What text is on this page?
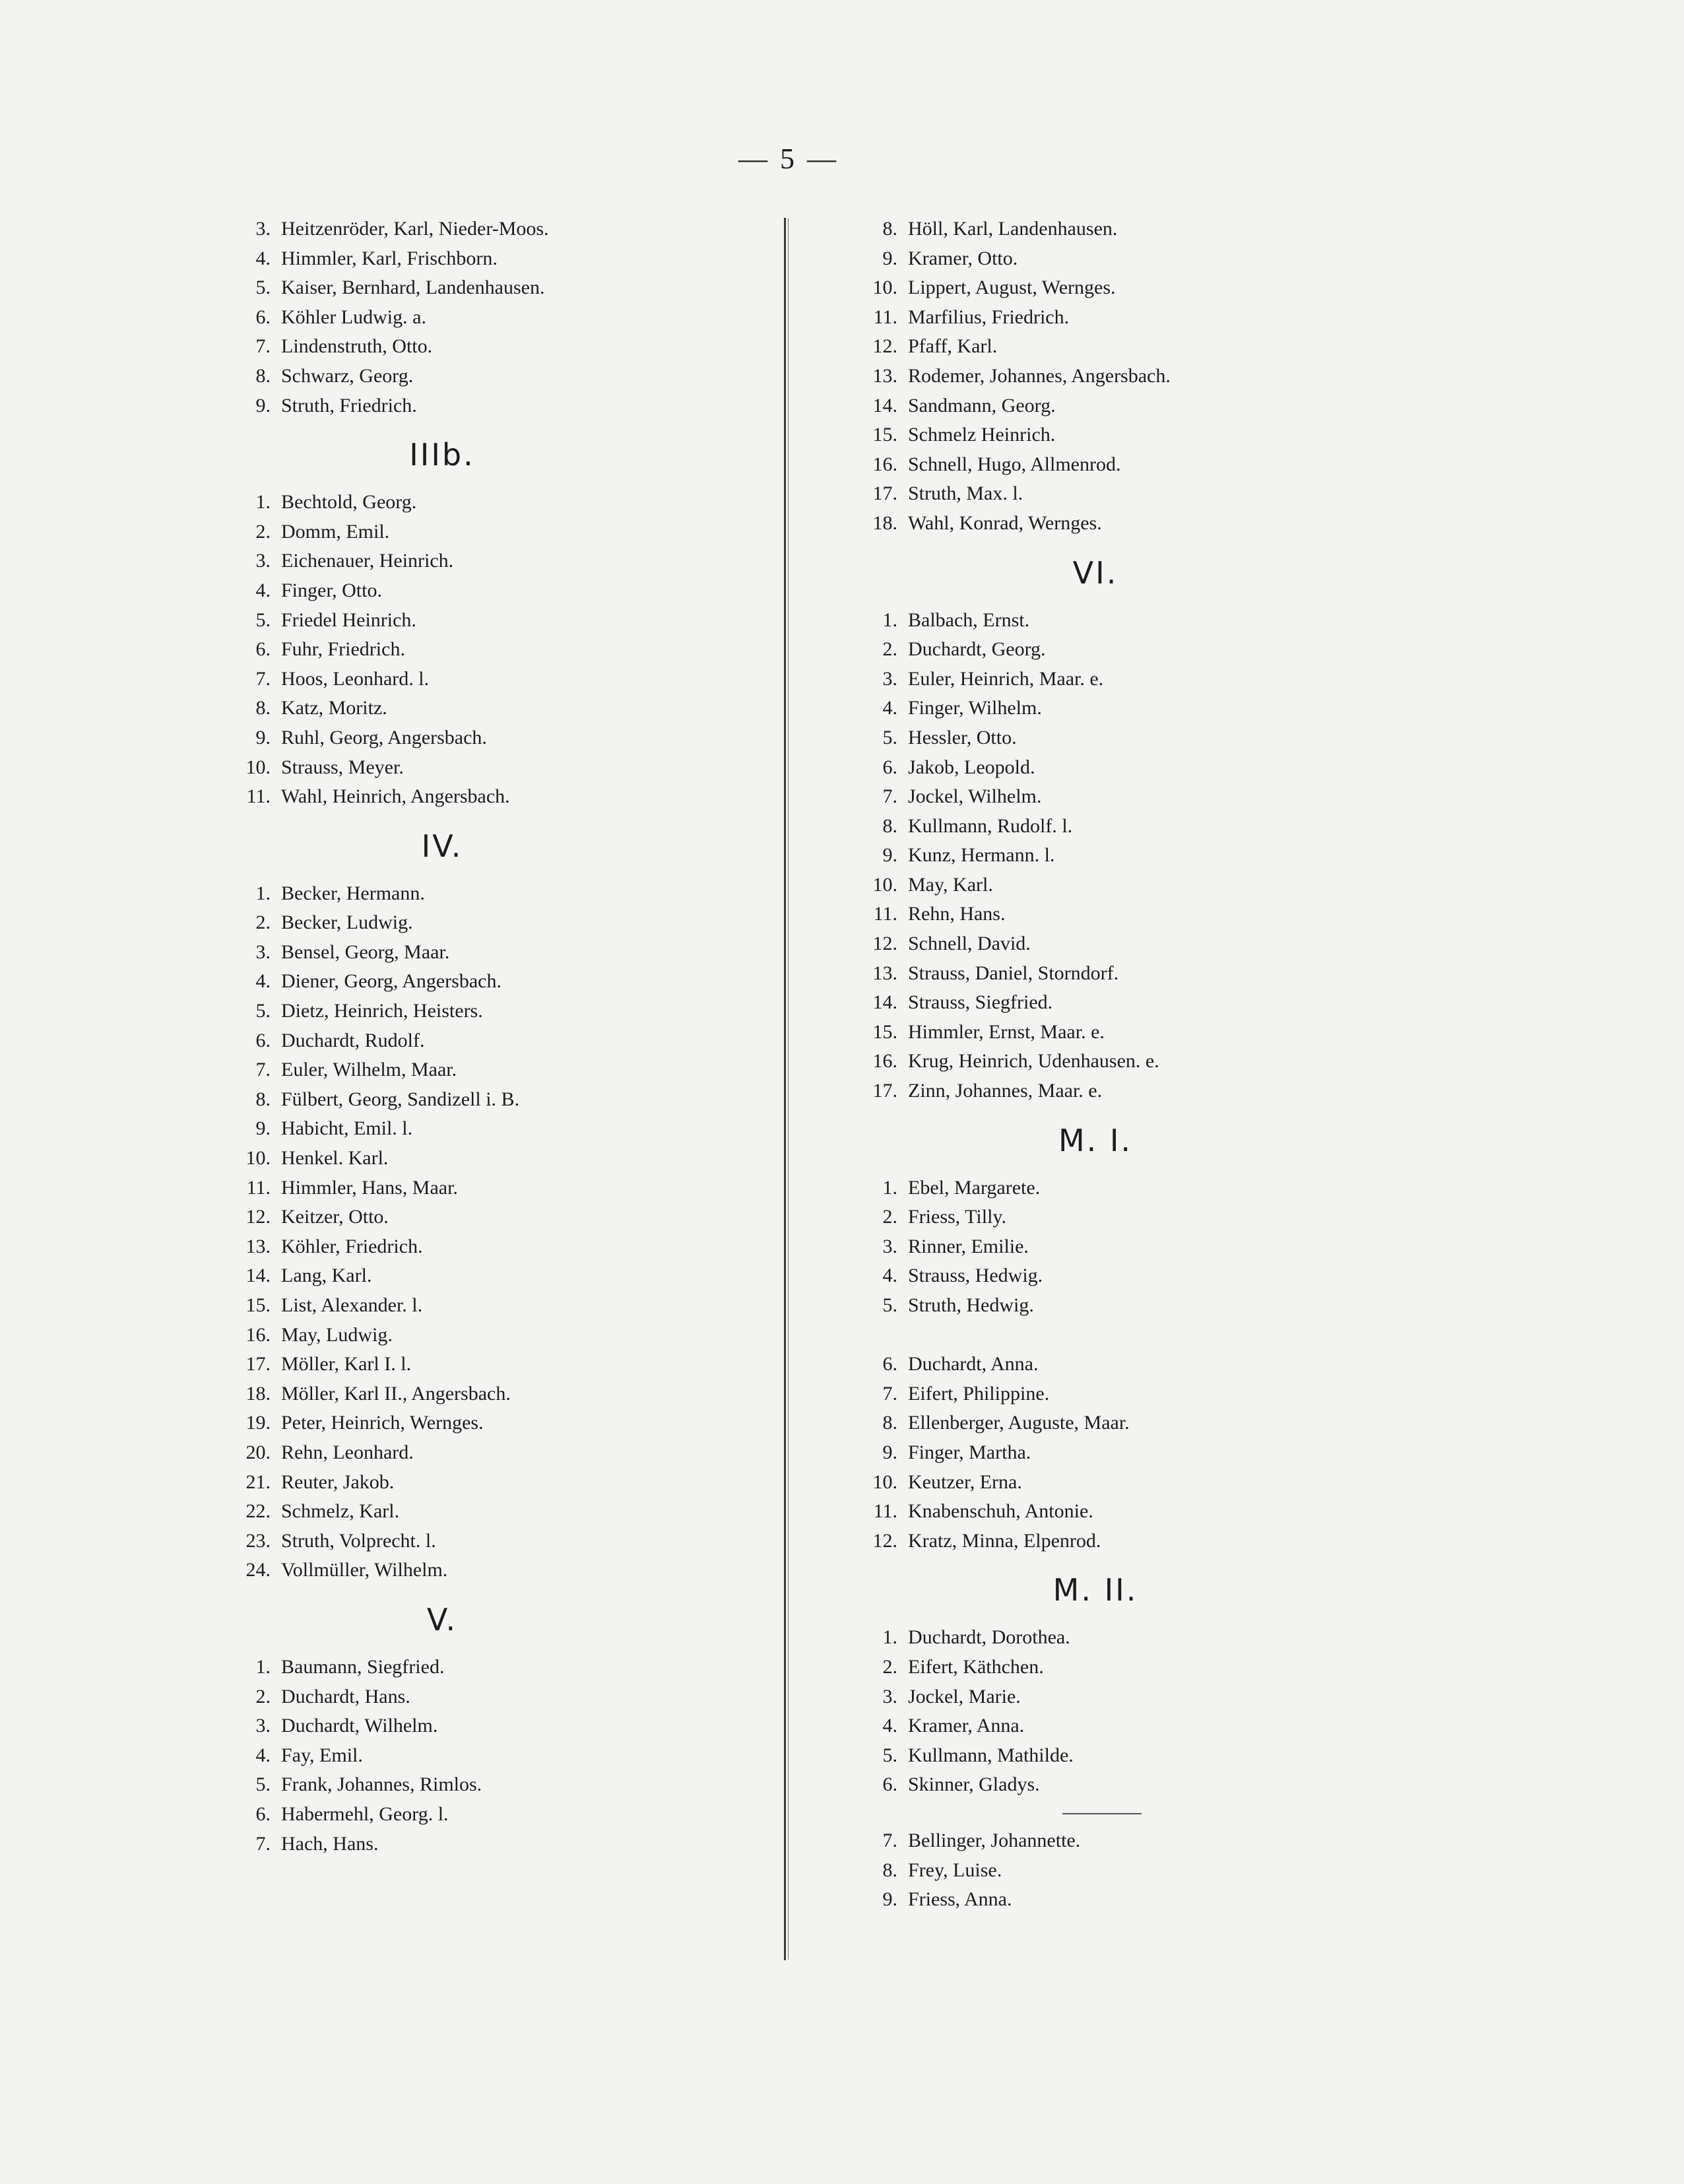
— 5 —
3. Heitzenröder, Karl, Nieder-Moos.
4. Himmler, Karl, Frischborn.
5. Kaiser, Bernhard, Landenhausen.
6. Köhler Ludwig. a.
7. Lindenstruth, Otto.
8. Schwarz, Georg.
9. Struth, Friedrich.
IIIb.
1. Bechtold, Georg.
2. Domm, Emil.
3. Eichenauer, Heinrich.
4. Finger, Otto.
5. Friedel Heinrich.
6. Fuhr, Friedrich.
7. Hoos, Leonhard. l.
8. Katz, Moritz.
9. Ruhl, Georg, Angersbach.
10. Strauss, Meyer.
11. Wahl, Heinrich, Angersbach.
IV.
1. Becker, Hermann.
2. Becker, Ludwig.
3. Bensel, Georg, Maar.
4. Diener, Georg, Angersbach.
5. Dietz, Heinrich, Heisters.
6. Duchardt, Rudolf.
7. Euler, Wilhelm, Maar.
8. Fülbert, Georg, Sandizell i. B.
9. Habicht, Emil. l.
10. Henkel. Karl.
11. Himmler, Hans, Maar.
12. Keitzer, Otto.
13. Köhler, Friedrich.
14. Lang, Karl.
15. List, Alexander. l.
16. May, Ludwig.
17. Möller, Karl I. l.
18. Möller, Karl II., Angersbach.
19. Peter, Heinrich, Wernges.
20. Rehn, Leonhard.
21. Reuter, Jakob.
22. Schmelz, Karl.
23. Struth, Volprecht. l.
24. Vollmüller, Wilhelm.
V.
1. Baumann, Siegfried.
2. Duchardt, Hans.
3. Duchardt, Wilhelm.
4. Fay, Emil.
5. Frank, Johannes, Rimlos.
6. Habermehl, Georg. l.
7. Hach, Hans.
8. Höll, Karl, Landenhausen.
9. Kramer, Otto.
10. Lippert, August, Wernges.
11. Marfilius, Friedrich.
12. Pfaff, Karl.
13. Rodemer, Johannes, Angersbach.
14. Sandmann, Georg.
15. Schmelz Heinrich.
16. Schnell, Hugo, Allmenrod.
17. Struth, Max. l.
18. Wahl, Konrad, Wernges.
VI.
1. Balbach, Ernst.
2. Duchardt, Georg.
3. Euler, Heinrich, Maar. e.
4. Finger, Wilhelm.
5. Hessler, Otto.
6. Jakob, Leopold.
7. Jockel, Wilhelm.
8. Kullmann, Rudolf. l.
9. Kunz, Hermann. l.
10. May, Karl.
11. Rehn, Hans.
12. Schnell, David.
13. Strauss, Daniel, Storndorf.
14. Strauss, Siegfried.
15. Himmler, Ernst, Maar. e.
16. Krug, Heinrich, Udenhausen. e.
17. Zinn, Johannes, Maar. e.
M. I.
1. Ebel, Margarete.
2. Friess, Tilly.
3. Rinner, Emilie.
4. Strauss, Hedwig.
5. Struth, Hedwig.
6. Duchardt, Anna.
7. Eifert, Philippine.
8. Ellenberger, Auguste, Maar.
9. Finger, Martha.
10. Keutzer, Erna.
11. Knabenschuh, Antonie.
12. Kratz, Minna, Elpenrod.
M. II.
1. Duchardt, Dorothea.
2. Eifert, Käthchen.
3. Jockel, Marie.
4. Kramer, Anna.
5. Kullmann, Mathilde.
6. Skinner, Gladys.
7. Bellinger, Johannette.
8. Frey, Luise.
9. Friess, Anna.
